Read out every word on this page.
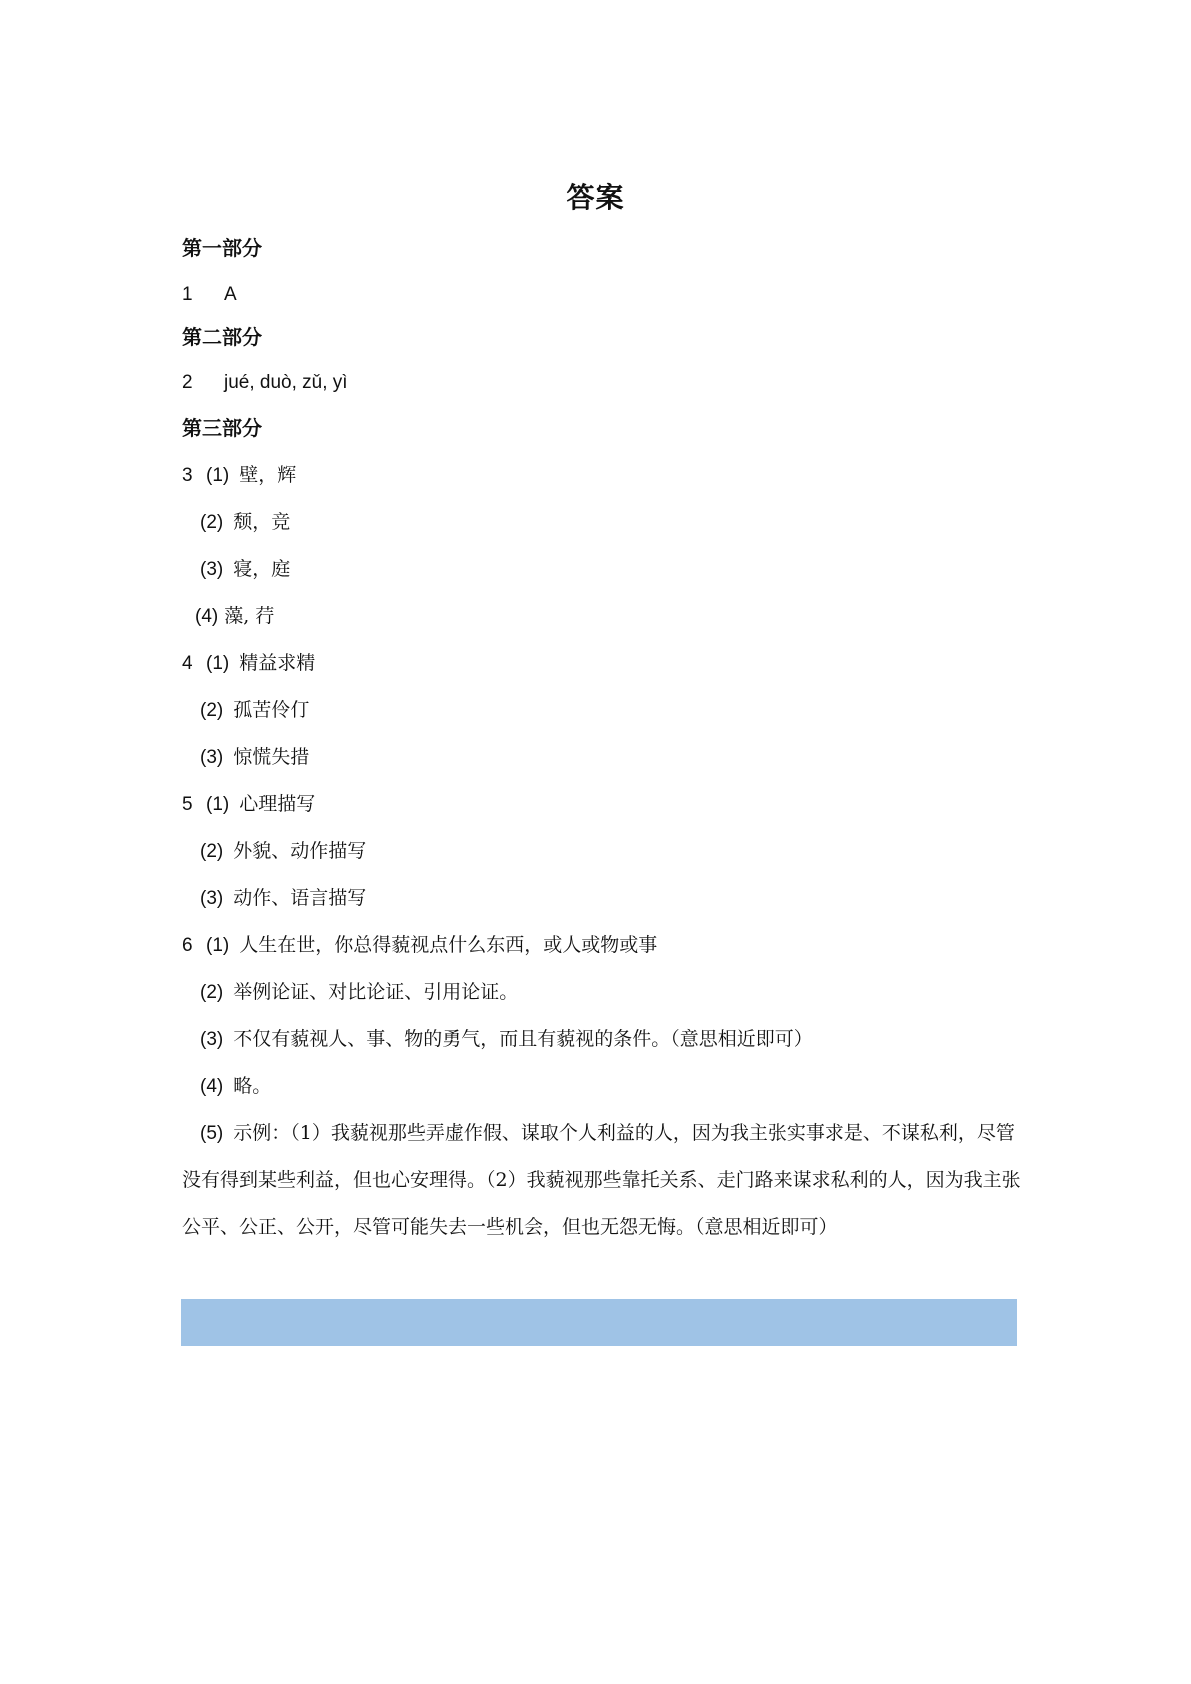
答案
第一部分
1 A
第二部分
2 jué, duò, zǔ, yì
第三部分
3 (1) 壁，辉
(2) 颓，竞
(3) 寝，庭
(4) 藻, 荇
4 (1) 精益求精
(2) 孤苦伶仃
(3) 惊慌失措
5 (1) 心理描写
(2) 外貌、动作描写
(3) 动作、语言描写
6 (1) 人生在世，你总得藐视点什么东西，或人或物或事
(2) 举例论证、对比论证、引用论证。
(3) 不仅有藐视人、事、物的勇气，而且有藐视的条件。（意思相近即可）
(4) 略。
(5) 示例：（1）我藐视那些弄虚作假、谋取个人利益的人，因为我主张实事求是、不谋私利，尽管没有得到某些利益，但也心安理得。（2）我藐视那些靠托关系、走门路来谋求私利的人，因为我主张公平、公正、公开，尽管可能失去一些机会，但也无怨无悔。（意思相近即可）
